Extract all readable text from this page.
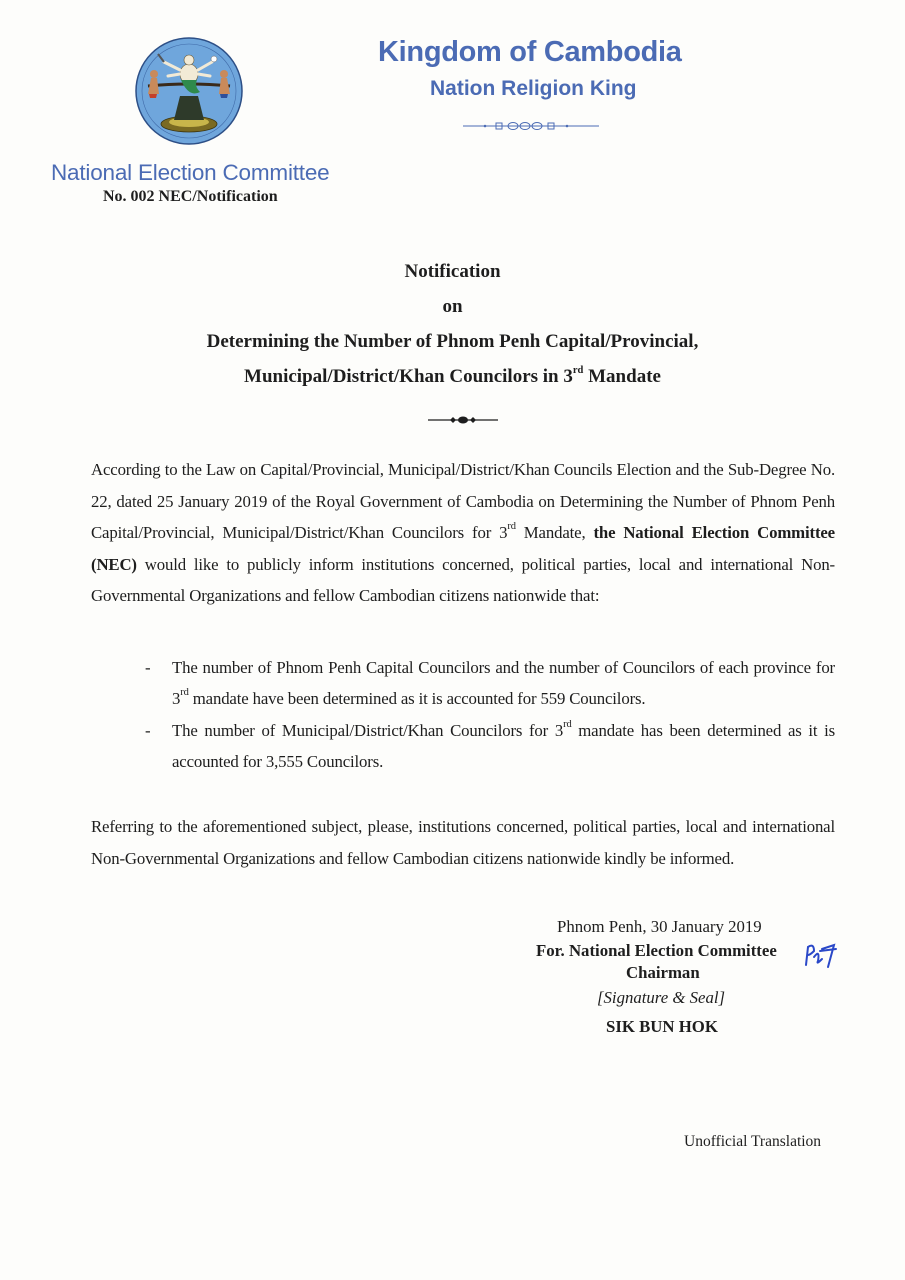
National Election Committee
No. 002 NEC/Notification
Kingdom of Cambodia
Nation Religion King
Notification
on
Determining the Number of Phnom Penh Capital/Provincial,
Municipal/District/Khan Councilors in 3rd Mandate
According to the Law on Capital/Provincial, Municipal/District/Khan Councils Election and the Sub-Degree No. 22, dated 25 January 2019 of the Royal Government of Cambodia on Determining the Number of Phnom Penh Capital/Provincial, Municipal/District/Khan Councilors for 3rd Mandate, the National Election Committee (NEC) would like to publicly inform institutions concerned, political parties, local and international Non-Governmental Organizations and fellow Cambodian citizens nationwide that:
- The number of Phnom Penh Capital Councilors and the number of Councilors of each province for 3rd mandate have been determined as it is accounted for 559 Councilors.
- The number of Municipal/District/Khan Councilors for 3rd mandate has been determined as it is accounted for 3,555 Councilors.
Referring to the aforementioned subject, please, institutions concerned, political parties, local and international Non-Governmental Organizations and fellow Cambodian citizens nationwide kindly be informed.
Phnom Penh, 30 January 2019
For. National Election Committee
Chairman
[Signature & Seal]
SIK BUN HOK
Unofficial Translation
